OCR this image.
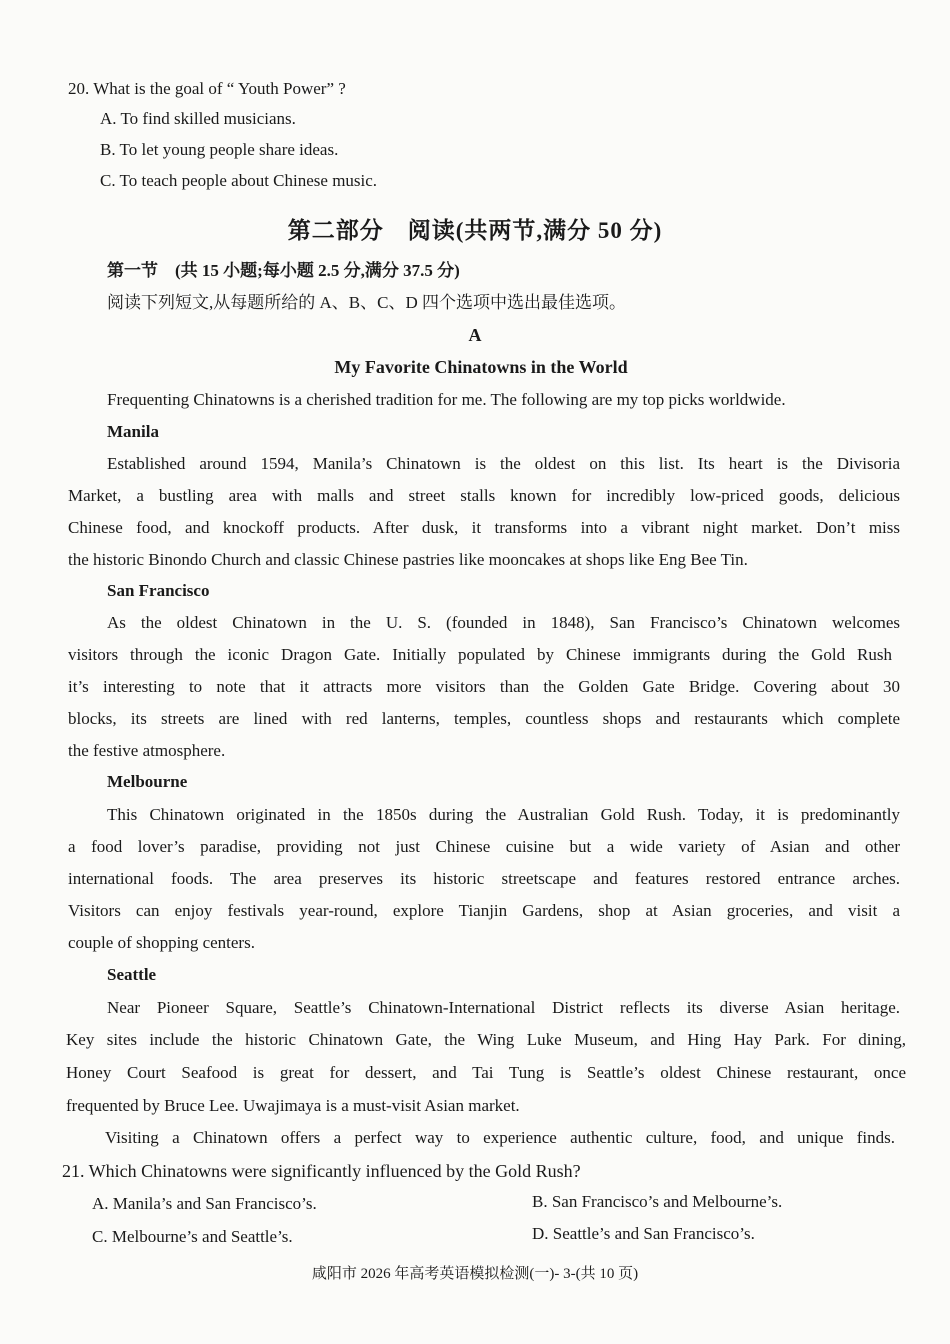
20. What is the goal of “ Youth Power” ?
A. To find skilled musicians.
B. To let young people share ideas.
C. To teach people about Chinese music.
第二部分　阅读(共两节,满分 50 分)
第一节　(共 15 小题;每小题 2.5 分,满分 37.5 分)
阅读下列短文,从每题所给的 A、B、C、D 四个选项中选出最佳选项。
A
My Favorite Chinatowns in the World
Frequenting Chinatowns is a cherished tradition for me. The following are my top picks worldwide.
Manila
Established around 1594, Manila’s Chinatown is the oldest on this list. Its heart is the Divisoria
Market, a bustling area with malls and street stalls known for incredibly low-priced goods, delicious
Chinese food, and knockoff products. After dusk, it transforms into a vibrant night market. Don’t miss
the historic Binondo Church and classic Chinese pastries like mooncakes at shops like Eng Bee Tin.
San Francisco
As the oldest Chinatown in the U. S. (founded in 1848), San Francisco’s Chinatown welcomes
visitors through the iconic Dragon Gate. Initially populated by Chinese immigrants during the Gold Rush
it’s interesting to note that it attracts more visitors than the Golden Gate Bridge. Covering about 30
blocks, its streets are lined with red lanterns, temples, countless shops and restaurants which complete
the festive atmosphere.
Melbourne
This Chinatown originated in the 1850s during the Australian Gold Rush. Today, it is predominantly
a food lover’s paradise, providing not just Chinese cuisine but a wide variety of Asian and other
international foods. The area preserves its historic streetscape and features restored entrance arches.
Visitors can enjoy festivals year-round, explore Tianjin Gardens, shop at Asian groceries, and visit a
couple of shopping centers.
Seattle
Near Pioneer Square, Seattle’s Chinatown-International District reflects its diverse Asian heritage.
Key sites include the historic Chinatown Gate, the Wing Luke Museum, and Hing Hay Park. For dining,
Honey Court Seafood is great for dessert, and Tai Tung is Seattle’s oldest Chinese restaurant, once
frequented by Bruce Lee. Uwajimaya is a must-visit Asian market.
Visiting a Chinatown offers a perfect way to experience authentic culture, food, and unique finds.
21. Which Chinatowns were significantly influenced by the Gold Rush?
A. Manila’s and San Francisco’s.	B. San Francisco’s and Melbourne’s.
C. Melbourne’s and Seattle’s.	D. Seattle’s and San Francisco’s.
咸阳市 2026 年高考英语模拟检测(一)- 3-(共 10 页)
